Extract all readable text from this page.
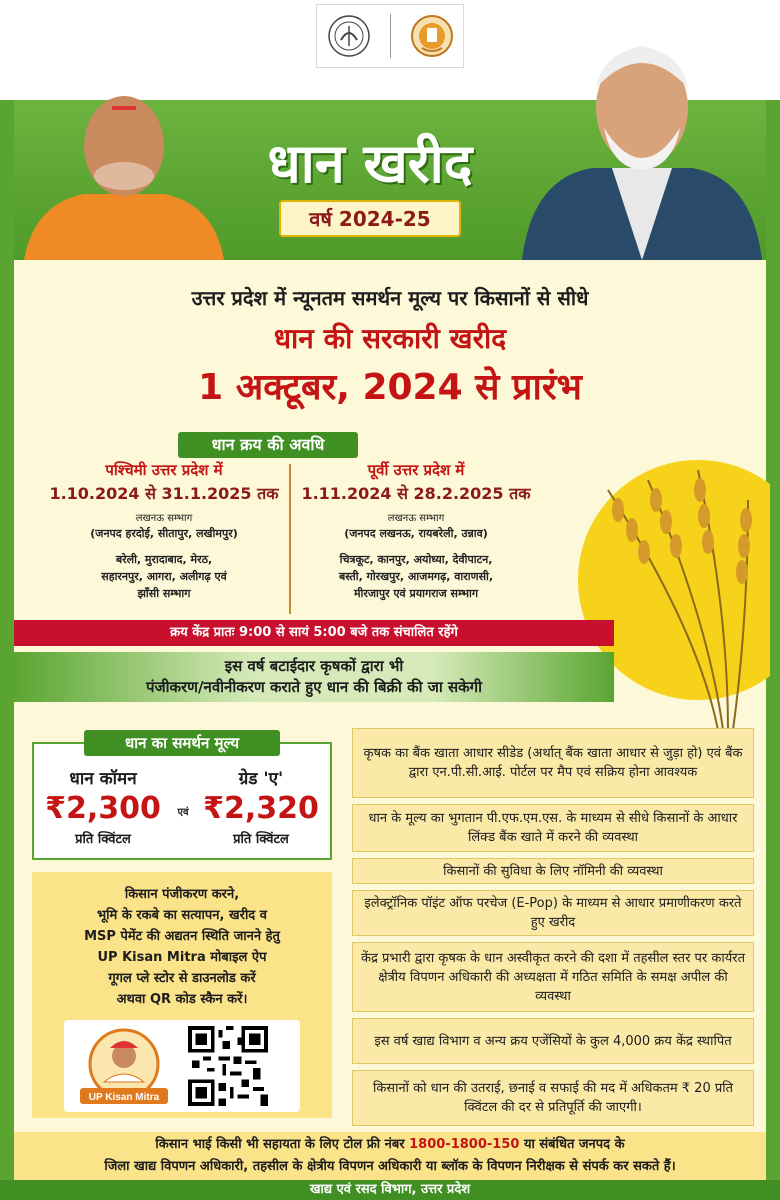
धान खरीद
वर्ष 2024-25
उत्तर प्रदेश में न्यूनतम समर्थन मूल्य पर किसानों से सीधे
धान की सरकारी खरीद
1 अक्टूबर, 2024 से प्रारंभ
धान क्रय की अवधि
पश्चिमी उत्तर प्रदेश में
1.10.2024 से 31.1.2025 तक
लखनऊ सम्भाग
(जनपद हरदोई, सीतापुर, लखीमपुर)
बरेली, मुरादाबाद, मेरठ,
सहारनपुर, आगरा, अलीगढ़ एवं
झाँसी सम्भाग
पूर्वी उत्तर प्रदेश में
1.11.2024 से 28.2.2025 तक
लखनऊ सम्भाग
(जनपद लखनऊ, रायबरेली, उन्नाव)
चित्रकूट, कानपुर, अयोध्या, देवीपाटन,
बस्ती, गोरखपुर, आजमगढ़, वाराणसी,
मीरजापुर एवं प्रयागराज सम्भाग
क्रय केंद्र प्रातः 9:00 से सायं 5:00 बजे तक संचालित रहेंगे
इस वर्ष बटाईदार कृषकों द्वारा भी
पंजीकरण/नवीनीकरण कराते हुए धान की बिक्री की जा सकेगी
धान का समर्थन मूल्य
धान कॉमन
₹2,300
प्रति क्विंटल
एवं
ग्रेड 'ए'
₹2,320
प्रति क्विंटल
किसान पंजीकरण करने,
भूमि के रकबे का सत्यापन, खरीद व
MSP पेमेंट की अद्यतन स्थिति जानने हेतु
UP Kisan Mitra मोबाइल ऐप
गूगल प्ले स्टोर से डाउनलोड करें
अथवा QR कोड स्कैन करें।
UP Kisan Mitra
कृषक का बैंक खाता आधार सीडेड (अर्थात् बैंक खाता आधार से जुड़ा हो) एवं बैंक द्वारा एन.पी.सी.आई. पोर्टल पर मैप एवं सक्रिय होना आवश्यक
धान के मूल्य का भुगतान पी.एफ.एम.एस. के माध्यम से सीधे किसानों के आधार लिंक्ड बैंक खाते में करने की व्यवस्था
किसानों की सुविधा के लिए नॉमिनी की व्यवस्था
इलेक्ट्रॉनिक पॉइंट ऑफ परचेज (E-Pop) के माध्यम से आधार प्रमाणीकरण करते हुए खरीद
केंद्र प्रभारी द्वारा कृषक के धान अस्वीकृत करने की दशा में तहसील स्तर पर कार्यरत क्षेत्रीय विपणन अधिकारी की अध्यक्षता में गठित समिति के समक्ष अपील की व्यवस्था
इस वर्ष खाद्य विभाग व अन्य क्रय एजेंसियों के कुल 4,000 क्रय केंद्र स्थापित
किसानों को धान की उतराई, छनाई व सफाई की मद में अधिकतम ₹ 20 प्रति क्विंटल की दर से प्रतिपूर्ति की जाएगी।
किसान भाई किसी भी सहायता के लिए टोल फ्री नंबर 1800-1800-150 या संबंधित जनपद के
जिला खाद्य विपणन अधिकारी, तहसील के क्षेत्रीय विपणन अधिकारी या ब्लॉक के विपणन निरीक्षक से संपर्क कर सकते हैं।
खाद्य एवं रसद विभाग, उत्तर प्रदेश
